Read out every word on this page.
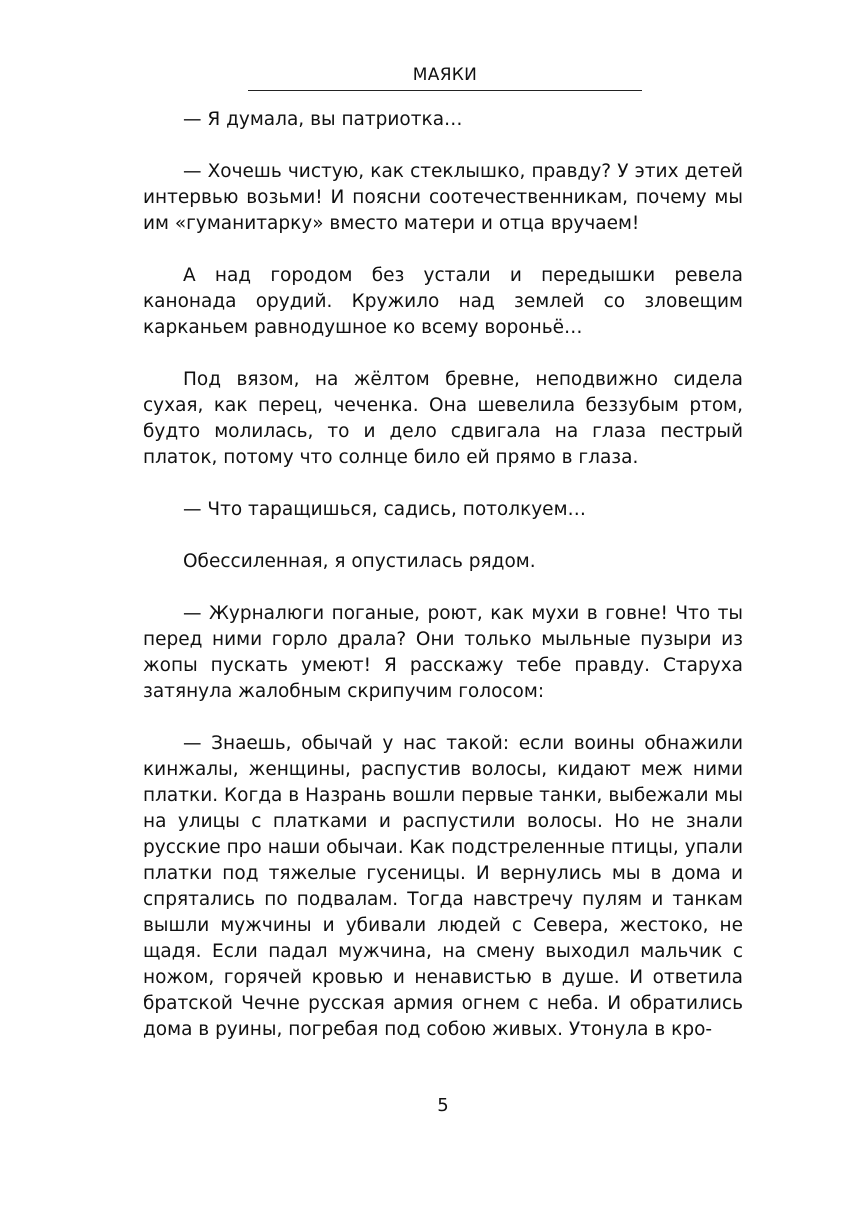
МАЯКИ

— Я думала, вы патриотка…

— Хочешь чистую, как стеклышко, правду? У этих детей интервью возьми! И поясни соотечественникам, почему мы им «гуманитарку» вместо матери и отца вручаем!

А над городом без устали и передышки ревела канонада орудий. Кружило над землей со зловещим карканьем равнодушное ко всему вороньё…

Под вязом, на жёлтом бревне, неподвижно сидела сухая, как перец, чеченка. Она шевелила беззубым ртом, будто молилась, то и дело сдвигала на глаза пестрый платок, потому что солнце било ей прямо в глаза.

— Что таращишься, садись, потолкуем…

Обессиленная, я опустилась рядом.

— Журналюги поганые, роют, как мухи в говне! Что ты перед ними горло драла? Они только мыльные пузыри из жопы пускать умеют! Я расскажу тебе правду. Старуха затянула жалобным скрипучим голосом:

— Знаешь, обычай у нас такой: если воины обнажили кинжалы, женщины, распустив волосы, кидают меж ними платки. Когда в Назрань вошли первые танки, выбежали мы на улицы с платками и распустили волосы. Но не знали русские про наши обычаи. Как подстреленные птицы, упали платки под тяжелые гусеницы. И вернулись мы в дома и спрятались по подвалам. Тогда навстречу пулям и танкам вышли мужчины и убивали людей с Севера, жестоко, не щадя. Если падал мужчина, на смену выходил мальчик с ножом, горячей кровью и ненавистью в душе. И ответила братской Чечне русская армия огнем с неба. И обратились дома в руины, погребая под собою живых. Утонула в кро-

5
